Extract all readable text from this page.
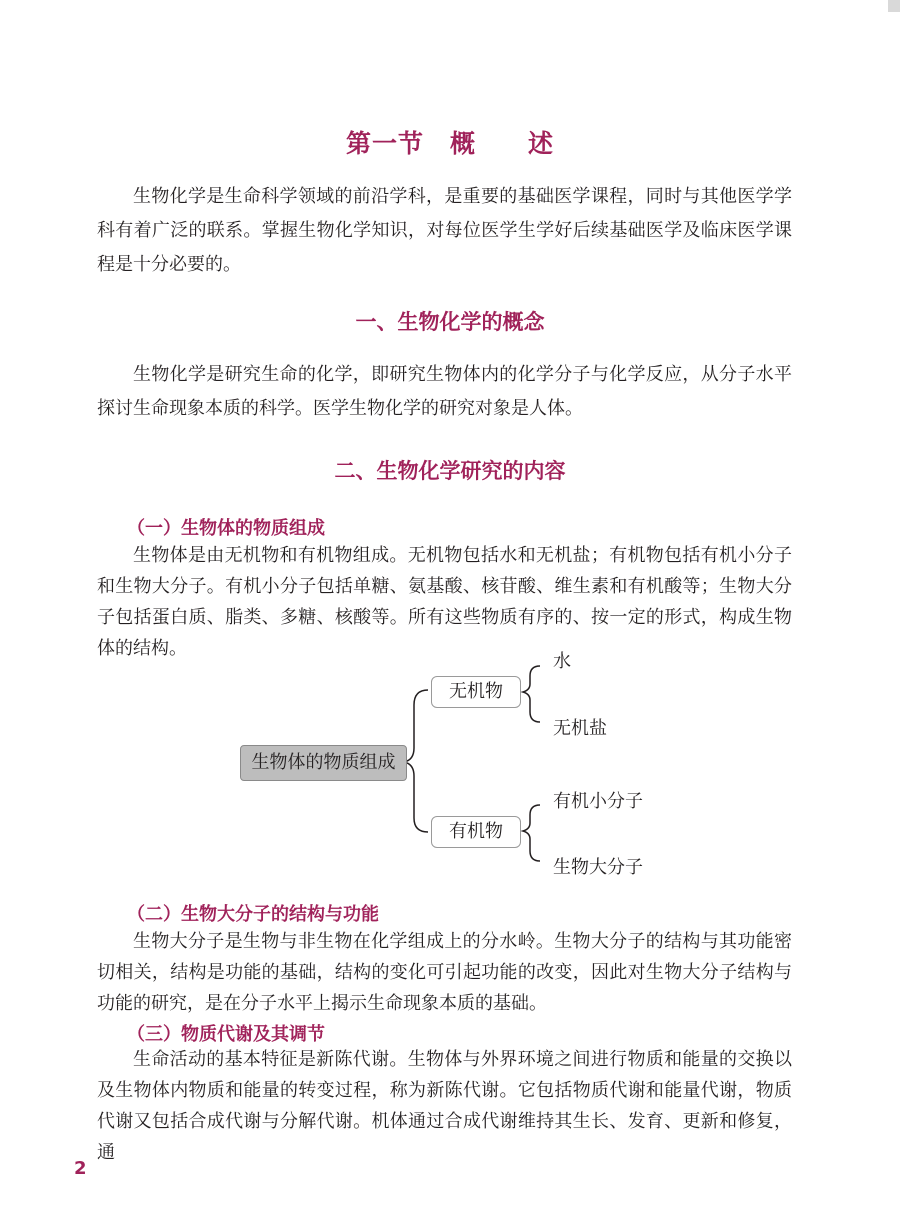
第一节　概　　述

生物化学是生命科学领域的前沿学科，是重要的基础医学课程，同时与其他医学学科有着广泛的联系。掌握生物化学知识，对每位医学生学好后续基础医学及临床医学课程是十分必要的。

一、生物化学的概念

生物化学是研究生命的化学，即研究生物体内的化学分子与化学反应，从分子水平探讨生命现象本质的科学。医学生物化学的研究对象是人体。

二、生物化学研究的内容
（一）生物体的物质组成

生物体是由无机物和有机物组成。无机物包括水和无机盐；有机物包括有机小分子和生物大分子。有机小分子包括单糖、氨基酸、核苷酸、维生素和有机酸等；生物大分子包括蛋白质、脂类、多糖、核酸等。所有这些物质有序的、按一定的形式，构成生物体的结构。

生物体的物质组成
无机物
有机物
水
无机盐
有机小分子
生物大分子
（二）生物大分子的结构与功能

生物大分子是生物与非生物在化学组成上的分水岭。生物大分子的结构与其功能密切相关，结构是功能的基础，结构的变化可引起功能的改变，因此对生物大分子结构与功能的研究，是在分子水平上揭示生命现象本质的基础。

（三）物质代谢及其调节

生命活动的基本特征是新陈代谢。生物体与外界环境之间进行物质和能量的交换以及生物体内物质和能量的转变过程，称为新陈代谢。它包括物质代谢和能量代谢，物质代谢又包括合成代谢与分解代谢。机体通过合成代谢维持其生长、发育、更新和修复，通

2
